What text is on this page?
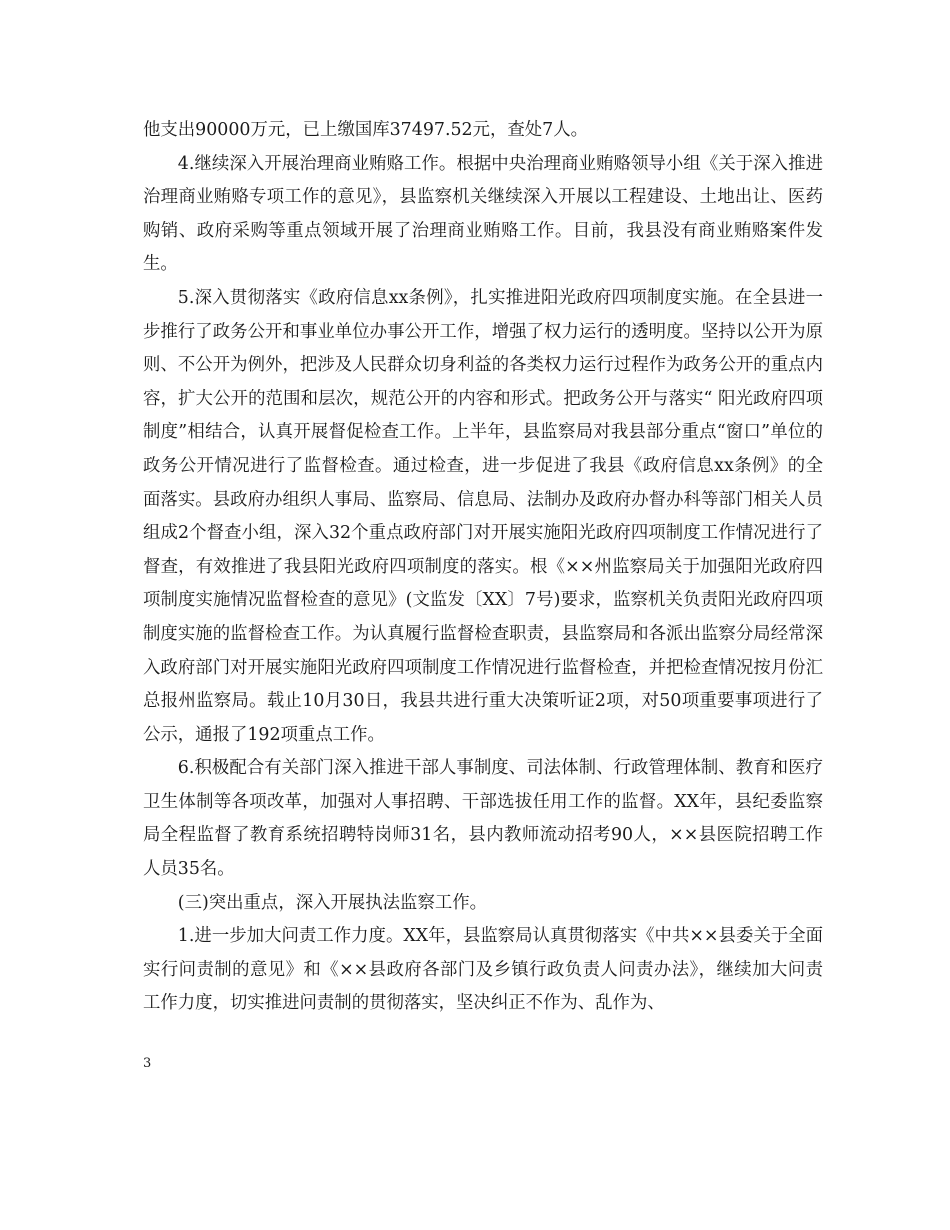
他支出90000万元，已上缴国库37497.52元，查处7人。

4.继续深入开展治理商业贿赂工作。根据中央治理商业贿赂领导小组《关于深入推进治理商业贿赂专项工作的意见》，县监察机关继续深入开展以工程建设、土地出让、医药购销、政府采购等重点领域开展了治理商业贿赂工作。目前，我县没有商业贿赂案件发生。

5.深入贯彻落实《政府信息xx条例》，扎实推进阳光政府四项制度实施。在全县进一步推行了政务公开和事业单位办事公开工作，增强了权力运行的透明度。坚持以公开为原则、不公开为例外，把涉及人民群众切身利益的各类权力运行过程作为政务公开的重点内容，扩大公开的范围和层次，规范公开的内容和形式。把政务公开与落实“ 阳光政府四项制度”相结合，认真开展督促检查工作。上半年，县监察局对我县部分重点“窗口”单位的政务公开情况进行了监督检查。通过检查，进一步促进了我县《政府信息xx条例》的全面落实。县政府办组织人事局、监察局、信息局、法制办及政府办督办科等部门相关人员组成2个督查小组，深入32个重点政府部门对开展实施阳光政府四项制度工作情况进行了督查，有效推进了我县阳光政府四项制度的落实。根《××州监察局关于加强阳光政府四项制度实施情况监督检查的意见》(文监发〔XX〕7号)要求，监察机关负责阳光政府四项制度实施的监督检查工作。为认真履行监督检查职责，县监察局和各派出监察分局经常深入政府部门对开展实施阳光政府四项制度工作情况进行监督检查，并把检查情况按月份汇总报州监察局。载止10月30日，我县共进行重大决策听证2项，对50项重要事项进行了公示，通报了192项重点工作。

6.积极配合有关部门深入推进干部人事制度、司法体制、行政管理体制、教育和医疗卫生体制等各项改革，加强对人事招聘、干部选拔任用工作的监督。XX年，县纪委监察局全程监督了教育系统招聘特岗师31名，县内教师流动招考90人，××县医院招聘工作人员35名。

(三)突出重点，深入开展执法监察工作。

1.进一步加大问责工作力度。XX年，县监察局认真贯彻落实《中共××县委关于全面实行问责制的意见》和《××县政府各部门及乡镇行政负责人问责办法》，继续加大问责工作力度，切实推进问责制的贯彻落实，坚决纠正不作为、乱作为、

3
